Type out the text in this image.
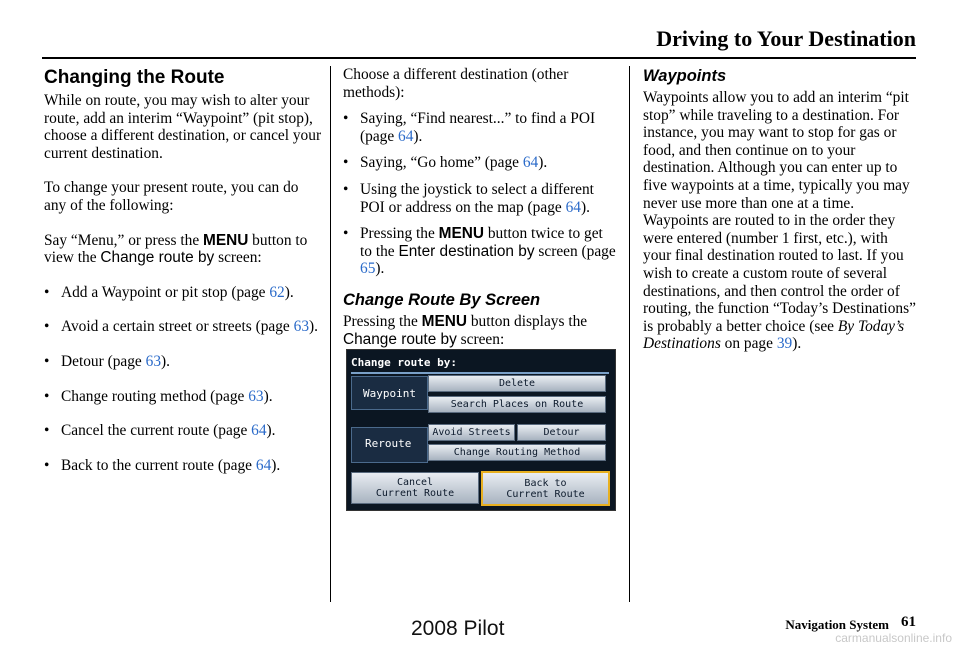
Driving to Your Destination
Changing the Route

While on route, you may wish to alter your route, add an interim “Waypoint” (pit stop), choose a different destination, or cancel your current destination.

To change your present route, you can do any of the following:

Say “Menu,” or press the MENU button to view the Change route by screen:

• Add a Waypoint or pit stop (page 62).
• Avoid a certain street or streets (page 63).
• Detour (page 63).
• Change routing method (page 63).
• Cancel the current route (page 64).
• Back to the current route (page 64).

Choose a different destination (other methods):

• Saying, “Find nearest...” to find a POI (page 64).
• Saying, “Go home” (page 64).
• Using the joystick to select a different POI or address on the map (page 64).
• Pressing the MENU button twice to get to the Enter destination by screen (page 65).
Change Route By Screen

Pressing the MENU button displays the Change route by screen:

Change route by:
Waypoint
Delete
Search Places on Route
Reroute
Avoid Streets	Detour
Change Routing Method
Cancel
Current Route
Back to
Current Route
Waypoints

Waypoints allow you to add an interim “pit stop” while traveling to a destination. For instance, you may want to stop for gas or food, and then continue on to your destination. Although you can enter up to five waypoints at a time, typically you may never use more than one at a time. Waypoints are routed to in the order they were entered (number 1 first, etc.), with your final destination routed to last. If you wish to create a custom route of several destinations, and then control the order of routing, the function “Today’s Destinations” is probably a better choice (see By Today’s Destinations on page 39).

Navigation System 61
2008 Pilot	carmanualsonline.info
